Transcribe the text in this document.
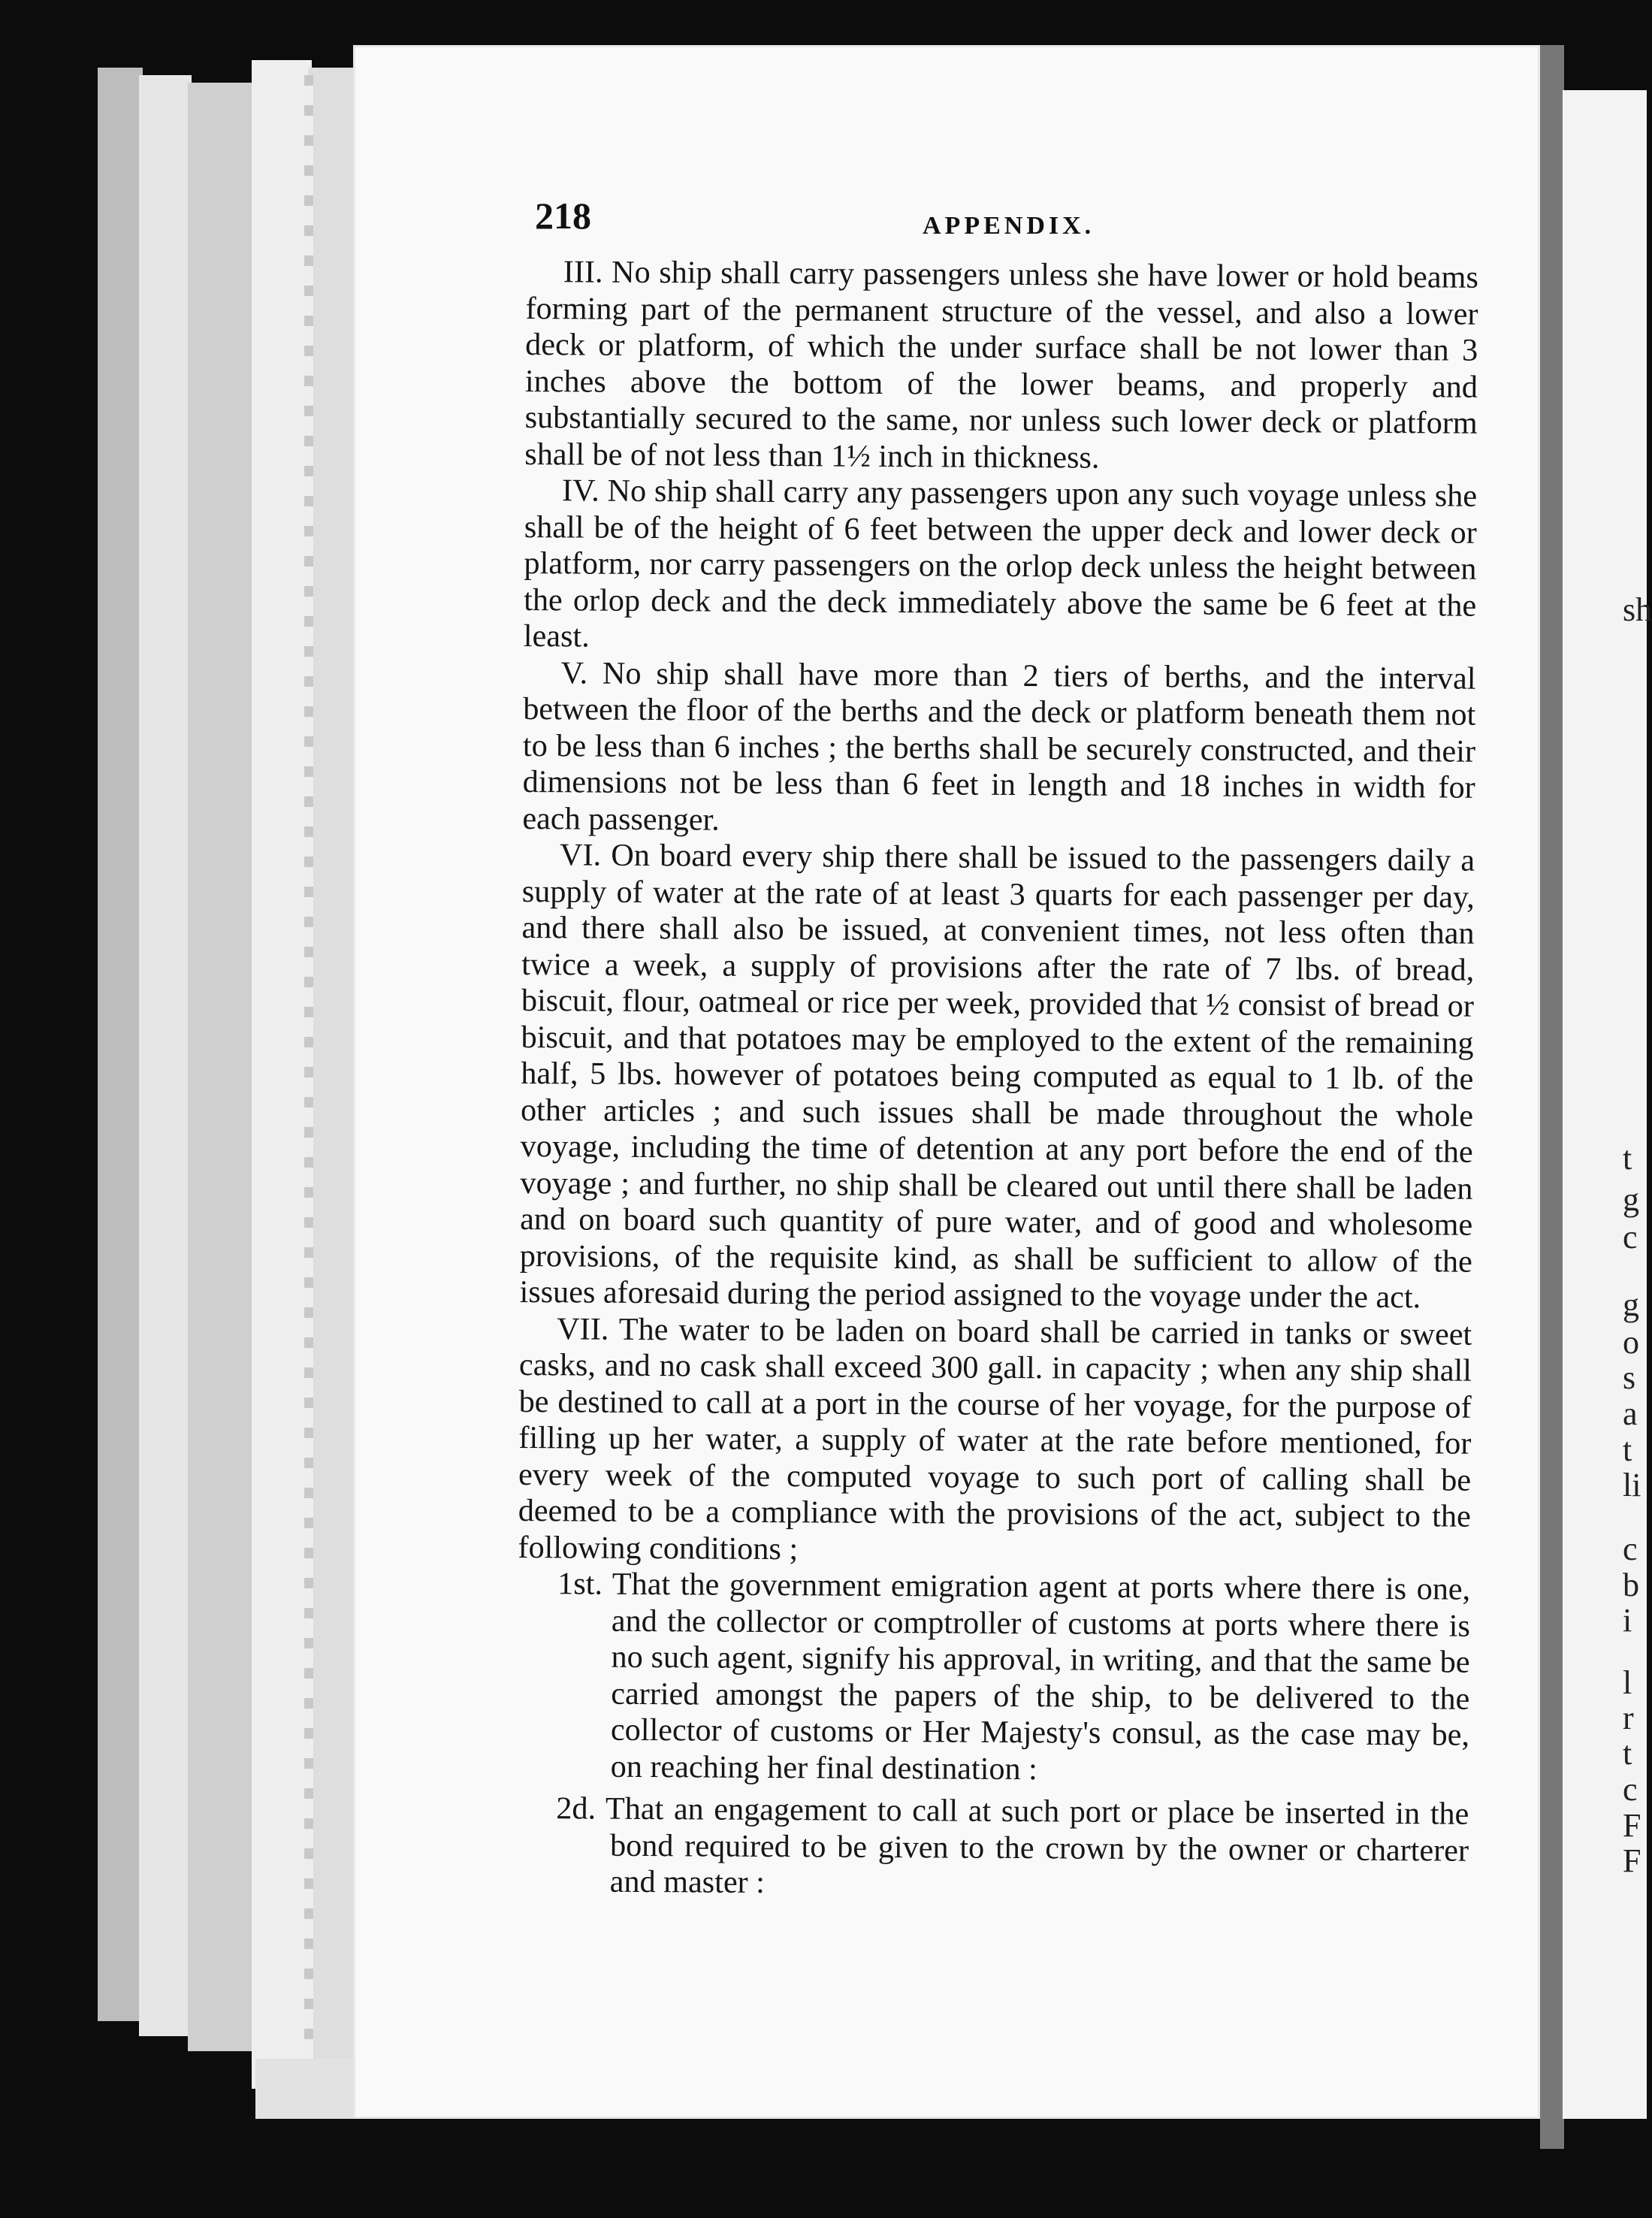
sh
t
g
c
g
o
s
a
t
li
c
b
i
l
r
t
c
F
F
218	APPENDIX.

III. No ship shall carry passengers unless she have lower or hold beams forming part of the permanent structure of the vessel, and also a lower deck or platform, of which the under surface shall be not lower than 3 inches above the bottom of the lower beams, and properly and substantially secured to the same, nor unless such lower deck or platform shall be of not less than 1½ inch in thickness.

IV. No ship shall carry any passengers upon any such voyage unless she shall be of the height of 6 feet between the upper deck and lower deck or platform, nor carry passengers on the orlop deck unless the height between the orlop deck and the deck immediately above the same be 6 feet at the least.

V. No ship shall have more than 2 tiers of berths, and the interval between the floor of the berths and the deck or platform beneath them not to be less than 6 inches ; the berths shall be securely constructed, and their dimensions not be less than 6 feet in length and 18 inches in width for each passenger.

VI. On board every ship there shall be issued to the passengers daily a supply of water at the rate of at least 3 quarts for each passenger per day, and there shall also be issued, at convenient times, not less often than twice a week, a supply of provisions after the rate of 7 lbs. of bread, biscuit, flour, oatmeal or rice per week, provided that ½ consist of bread or biscuit, and that potatoes may be employed to the extent of the remaining half, 5 lbs. however of potatoes being computed as equal to 1 lb. of the other articles ; and such issues shall be made throughout the whole voyage, including the time of detention at any port before the end of the voyage ; and further, no ship shall be cleared out until there shall be laden and on board such quantity of pure water, and of good and wholesome provisions, of the requisite kind, as shall be sufficient to allow of the issues aforesaid during the period assigned to the voyage under the act.

VII. The water to be laden on board shall be carried in tanks or sweet casks, and no cask shall exceed 300 gall. in capacity ; when any ship shall be destined to call at a port in the course of her voyage, for the purpose of filling up her water, a supply of water at the rate before mentioned, for every week of the computed voyage to such port of calling shall be deemed to be a compliance with the provisions of the act, subject to the following conditions ;

1st. That the government emigration agent at ports where there is one, and the collector or comptroller of customs at ports where there is no such agent, signify his approval, in writing, and that the same be carried amongst the papers of the ship, to be delivered to the collector of customs or Her Majesty's consul, as the case may be, on reaching her final destination :

2d. That an engagement to call at such port or place be inserted in the bond required to be given to the crown by the owner or charterer and master :
